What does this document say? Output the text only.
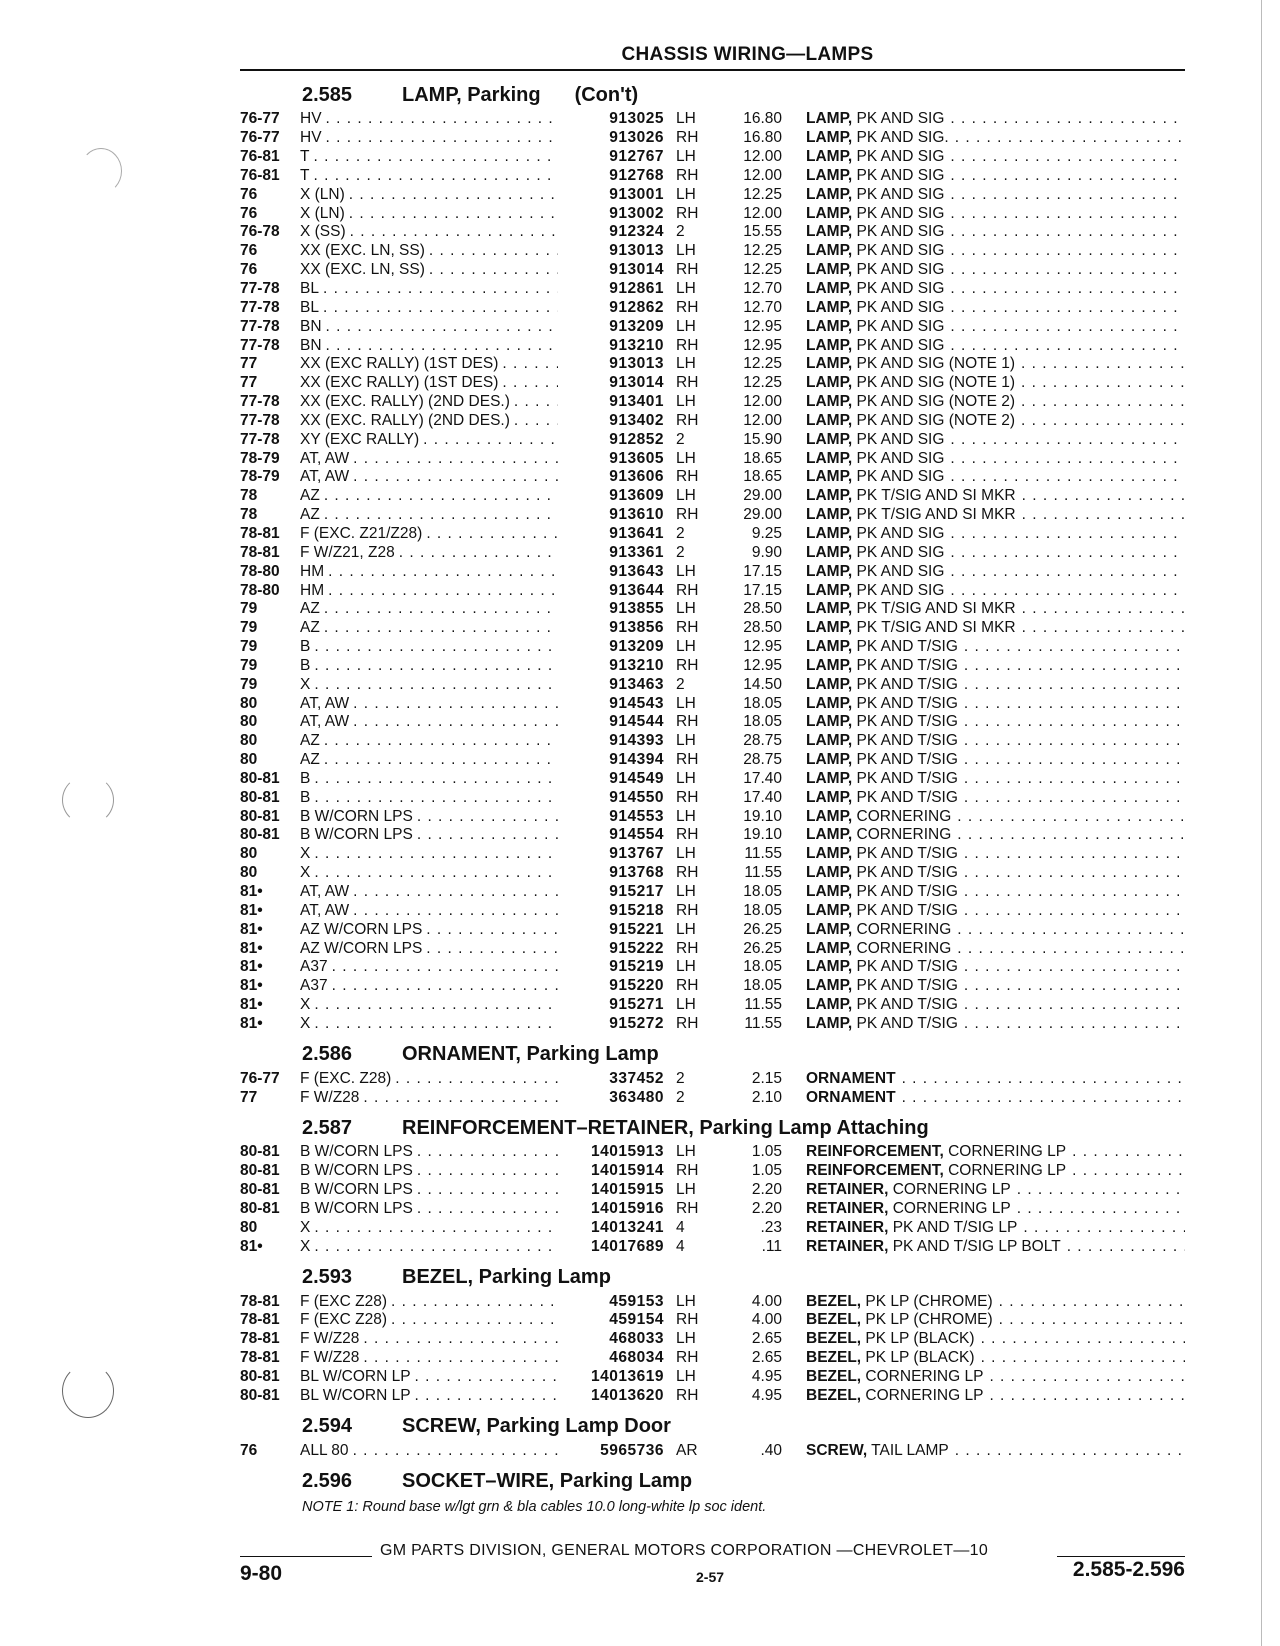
CHASSIS WIRING—LAMPS
2.585	LAMP, Parking (Con't)
76-77	HV . . .	913025 LH	16.80 LAMP, PK AND SIG
. . .
76-77	HV . . .	913026 RH	16.80 LAMP, PK AND SIG.
. . .
76-81	T . . .	912767 LH	12.00 LAMP, PK AND SIG
. . .
76-81	T . . .	912768 RH	12.00 LAMP, PK AND SIG
. . .
76	X (LN) . . .	913001 LH	12.25 LAMP, PK AND SIG
. . .
76	X (LN) . . .	913002 RH	12.00 LAMP, PK AND SIG
. . .
76-78	X (SS) . . .	912324 2	15.55 LAMP, PK AND SIG
. . .
76	XX (EXC. LN, SS) . . .	913013 LH	12.25 LAMP, PK AND SIG
. . .
76	XX (EXC. LN, SS) . . .	913014 RH	12.25 LAMP, PK AND SIG
. . .
77-78	BL . . .	912861 LH	12.70 LAMP, PK AND SIG
. . .
77-78	BL . . .	912862 RH	12.70 LAMP, PK AND SIG
. . .
77-78	BN . . .	913209 LH	12.95 LAMP, PK AND SIG
. . .
77-78	BN . . .	913210 RH	12.95 LAMP, PK AND SIG
. . .
77	XX (EXC RALLY) (1ST DES) . . .	913013 LH	12.25 LAMP, PK AND SIG (NOTE 1)
. . .
77	XX (EXC RALLY) (1ST DES) . . .	913014 RH	12.25 LAMP, PK AND SIG (NOTE 1)
. . .
77-78	XX (EXC. RALLY) (2ND DES.) . . .	913401 LH	12.00 LAMP, PK AND SIG (NOTE 2)
. . .
77-78	XX (EXC. RALLY) (2ND DES.) . . .	913402 RH	12.00 LAMP, PK AND SIG (NOTE 2)
. . .
77-78	XY (EXC RALLY) . . .	912852 2	15.90 LAMP, PK AND SIG
. . .
78-79	AT, AW . . .	913605 LH	18.65 LAMP, PK AND SIG
. . .
78-79	AT, AW . . .	913606 RH	18.65 LAMP, PK AND SIG
. . .
78	AZ . . .	913609 LH	29.00 LAMP, PK T/SIG AND SI MKR
. . .
78	AZ . . .	913610 RH	29.00 LAMP, PK T/SIG AND SI MKR
. . .
78-81	F (EXC. Z21/Z28) . . .	913641 2	9.25 LAMP, PK AND SIG
. . .
78-81	F W/Z21, Z28 . . .	913361 2	9.90 LAMP, PK AND SIG
. . .
78-80	HM . . .	913643 LH	17.15 LAMP, PK AND SIG
. . .
78-80	HM . . .	913644 RH	17.15 LAMP, PK AND SIG
. . .
79	AZ . . .	913855 LH	28.50 LAMP, PK T/SIG AND SI MKR
. . .
79	AZ . . .	913856 RH	28.50 LAMP, PK T/SIG AND SI MKR
. . .
79	B . . .	913209 LH	12.95 LAMP, PK AND T/SIG
. . .
79	B . . .	913210 RH	12.95 LAMP, PK AND T/SIG
. . .
79	X . . .	913463 2	14.50 LAMP, PK AND T/SIG
. . .
80	AT, AW . . .	914543 LH	18.05 LAMP, PK AND T/SIG
. . .
80	AT, AW . . .	914544 RH	18.05 LAMP, PK AND T/SIG
. . .
80	AZ . . .	914393 LH	28.75 LAMP, PK AND T/SIG
. . .
80	AZ . . .	914394 RH	28.75 LAMP, PK AND T/SIG
. . .
80-81	B . . .	914549 LH	17.40 LAMP, PK AND T/SIG
. . .
80-81	B . . .	914550 RH	17.40 LAMP, PK AND T/SIG
. . .
80-81	B W/CORN LPS . . .	914553 LH	19.10 LAMP, CORNERING
. . .
80-81	B W/CORN LPS . . .	914554 RH	19.10 LAMP, CORNERING
. . .
80	X . . .	913767 LH	11.55 LAMP, PK AND T/SIG
. . .
80	X . . .	913768 RH	11.55 LAMP, PK AND T/SIG
. . .
81•	AT, AW . . .	915217 LH	18.05 LAMP, PK AND T/SIG
. . .
81•	AT, AW . . .	915218 RH	18.05 LAMP, PK AND T/SIG
. . .
81•	AZ W/CORN LPS . . .	915221 LH	26.25 LAMP, CORNERING
. . .
81•	AZ W/CORN LPS . . .	915222 RH	26.25 LAMP, CORNERING
. . .
81•	A37 . . .	915219 LH	18.05 LAMP, PK AND T/SIG
. . .
81•	A37 . . .	915220 RH	18.05 LAMP, PK AND T/SIG
. . .
81•	X . . .	915271 LH	11.55 LAMP, PK AND T/SIG
. . .
81•	X . . .	915272 RH	11.55 LAMP, PK AND T/SIG
. . .
2.586	ORNAMENT, Parking Lamp
76-77	F (EXC. Z28) . . .	337452 2	2.15 ORNAMENT
. . .
77	F W/Z28 . . .	363480 2	2.10 ORNAMENT
. . .
2.587	REINFORCEMENT–RETAINER, Parking Lamp Attaching
80-81	B W/CORN LPS . . .	14015913 LH	1.05 REINFORCEMENT, CORNERING LP
. . .
80-81	B W/CORN LPS . . .	14015914 RH	1.05 REINFORCEMENT, CORNERING LP
. . .
80-81	B W/CORN LPS . . .	14015915 LH	2.20 RETAINER, CORNERING LP
. . .
80-81	B W/CORN LPS . . .	14015916 RH	2.20 RETAINER, CORNERING LP
. . .
80	X . . .	14013241 4	.23 RETAINER, PK AND T/SIG LP
. . .
81•	X . . .	14017689 4	.11 RETAINER, PK AND T/SIG LP BOLT
. . .
2.593	BEZEL, Parking Lamp
78-81	F (EXC Z28) . . .	459153 LH	4.00 BEZEL, PK LP (CHROME)
. . .
78-81	F (EXC Z28) . . .	459154 RH	4.00 BEZEL, PK LP (CHROME)
. . .
78-81	F W/Z28 . . .	468033 LH	2.65 BEZEL, PK LP (BLACK)
. . .
78-81	F W/Z28 . . .	468034 RH	2.65 BEZEL, PK LP (BLACK)
. . .
80-81	BL W/CORN LP . . .	14013619 LH	4.95 BEZEL, CORNERING LP
. . .
80-81	BL W/CORN LP . . .	14013620 RH	4.95 BEZEL, CORNERING LP
. . .
2.594	SCREW, Parking Lamp Door
76	ALL 80 . . .	5965736 AR	.40 SCREW, TAIL LAMP
. . .
2.596	SOCKET–WIRE, Parking Lamp
NOTE 1: Round base w/lgt grn & bla cables 10.0 long-white lp soc ident.
GM PARTS DIVISION, GENERAL MOTORS CORPORATION —CHEVROLET—10
9-80	2-57	2.585-2.596
